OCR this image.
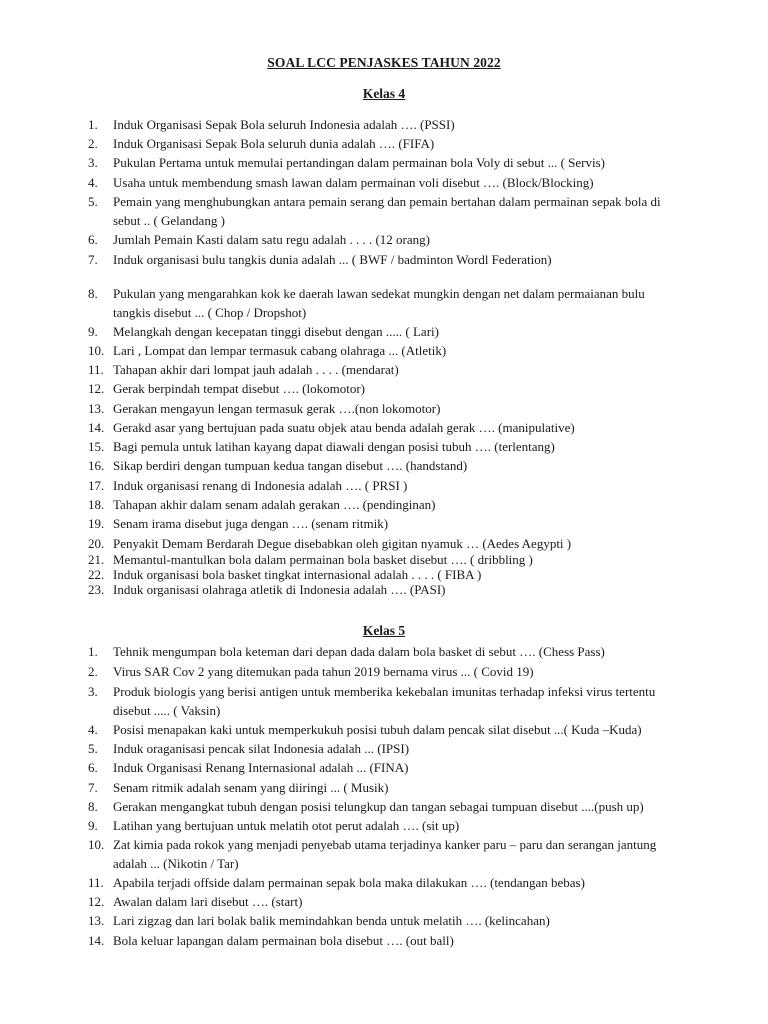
SOAL LCC PENJASKES TAHUN 2022
Kelas 4
1. Induk Organisasi Sepak Bola seluruh Indonesia adalah …. (PSSI)
2. Induk Organisasi Sepak Bola seluruh dunia adalah …. (FIFA)
3. Pukulan Pertama untuk memulai pertandingan dalam permainan bola Voly di sebut ... ( Servis)
4. Usaha untuk membendung smash lawan dalam permainan voli disebut …. (Block/Blocking)
5. Pemain yang menghubungkan antara pemain serang dan pemain bertahan dalam permainan sepak bola di
sebut .. ( Gelandang )
6. Jumlah Pemain Kasti dalam satu regu adalah . . . . (12 orang)
7. Induk organisasi bulu tangkis dunia adalah ... ( BWF / badminton Wordl Federation)
8. Pukulan yang mengarahkan kok ke daerah lawan sedekat mungkin dengan net dalam permaianan bulu
tangkis disebut ... ( Chop / Dropshot)
9. Melangkah dengan kecepatan tinggi disebut dengan ..... ( Lari)
10. Lari , Lompat dan lempar termasuk cabang olahraga ... (Atletik)
11. Tahapan akhir dari lompat jauh adalah . . . . (mendarat)
12. Gerak berpindah tempat disebut …. (lokomotor)
13. Gerakan mengayun lengan termasuk gerak ….(non lokomotor)
14. Gerakd asar yang bertujuan pada suatu objek atau benda adalah gerak …. (manipulative)
15. Bagi pemula untuk latihan kayang dapat diawali dengan posisi tubuh …. (terlentang)
16. Sikap berdiri dengan tumpuan kedua tangan disebut …. (handstand)
17. Induk organisasi renang di Indonesia adalah …. ( PRSI )
18. Tahapan akhir dalam senam adalah gerakan …. (pendinginan)
19. Senam irama disebut juga dengan …. (senam ritmik)
20. Penyakit Demam Berdarah Degue disebabkan oleh gigitan nyamuk … (Aedes Aegypti )
21. Memantul-mantulkan bola dalam permainan bola basket disebut …. ( dribbling )
22. Induk organisasi bola basket tingkat internasional adalah . . . . ( FIBA )
23. Induk organisasi olahraga atletik di Indonesia adalah …. (PASI)
Kelas 5
1. Tehnik mengumpan bola keteman dari depan dada dalam bola basket di sebut …. (Chess Pass)
2. Virus SAR Cov 2 yang ditemukan pada tahun 2019 bernama virus ... ( Covid 19)
3. Produk biologis yang berisi antigen untuk memberika kekebalan imunitas terhadap infeksi virus tertentu
disebut ..... ( Vaksin)
4. Posisi menapakan kaki untuk memperkukuh posisi tubuh dalam pencak silat disebut ...( Kuda –Kuda)
5. Induk oraganisasi pencak silat Indonesia adalah ... (IPSI)
6. Induk Organisasi Renang Internasional adalah ... (FINA)
7. Senam ritmik adalah senam yang diiringi ... ( Musik)
8. Gerakan mengangkat tubuh dengan posisi telungkup dan tangan sebagai tumpuan disebut ....(push up)
9. Latihan yang bertujuan untuk melatih otot perut adalah …. (sit up)
10. Zat kimia pada rokok yang menjadi penyebab utama terjadinya kanker paru – paru dan serangan jantung
adalah ... (Nikotin / Tar)
11. Apabila terjadi offside dalam permainan sepak bola maka dilakukan …. (tendangan bebas)
12. Awalan dalam lari disebut …. (start)
13. Lari zigzag dan lari bolak balik memindahkan benda untuk melatih …. (kelincahan)
14. Bola keluar lapangan dalam permainan bola disebut …. (out ball)
